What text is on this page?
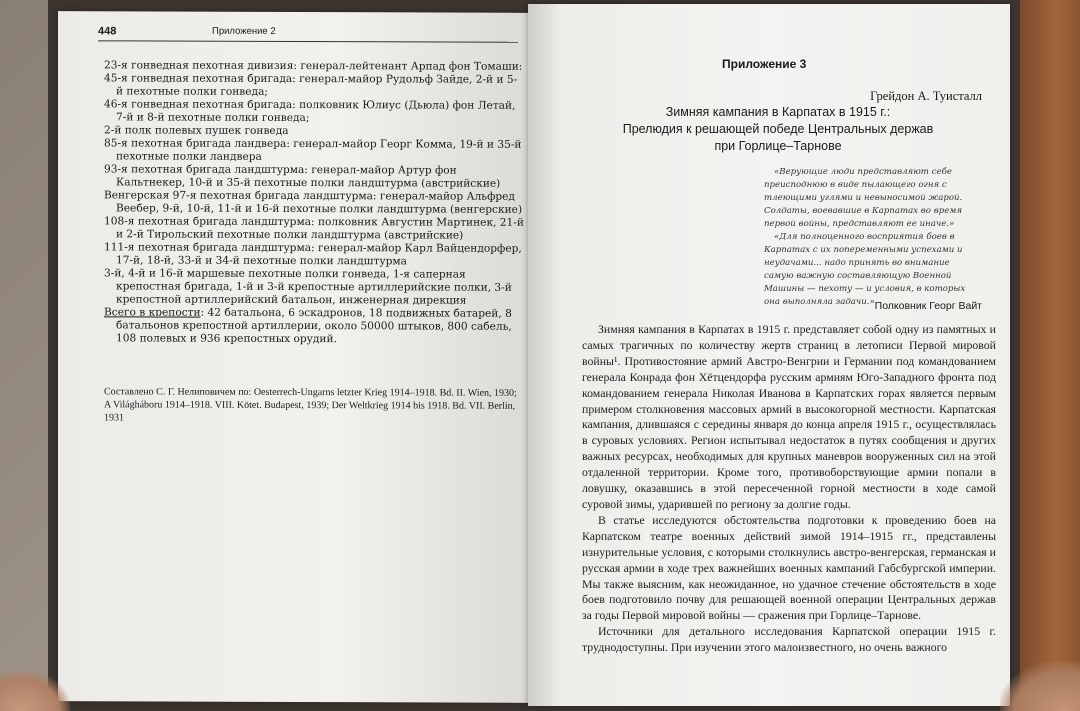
448	Приложение 2

23-я гонведная пехотная дивизия: генерал-лейтенант Арпад фон Томаши:

45-я гонведная пехотная бригада: генерал-майор Рудольф Зайде, 2-й и 5-й пехотные полки гонведа;

46-я гонведная пехотная бригада: полковник Юлиус (Дьюла) фон Летай, 7-й и 8-й пехотные полки гонведа;

2-й полк полевых пушек гонведа

85-я пехотная бригада ландвера: генерал-майор Георг Комма, 19-й и 35-й пехотные полки ландвера

93-я пехотная бригада ландштурма: генерал-майор Артур фон Кальтнекер, 10-й и 35-й пехотные полки ландштурма (австрийские)

Венгерская 97-я пехотная бригада ландштурма: генерал-майор Альфред Веебер, 9-й, 10-й, 11-й и 16-й пехотные полки ландштурма (венгерские)

108-я пехотная бригада ландштурма: полковник Августин Мартинек, 21-й и 2-й Тирольский пехотные полки ландштурма (австрийские)

111-я пехотная бригада ландштурма: генерал-майор Карл Вайцендорфер, 17-й, 18-й, 33-й и 34-й пехотные полки ландштурма

3-й, 4-й и 16-й маршевые пехотные полки гонведа, 1-я саперная крепостная бригада, 1-й и 3-й крепостные артиллерийские полки, 3-й крепостной артиллерийский батальон, инженерная дирекция

Всего в крепости: 42 батальона, 6 эскадронов, 18 подвижных батарей, 8 батальонов крепостной артиллерии, около 50000 штыков, 800 сабель, 108 полевых и 936 крепостных орудий.

Составлено С. Г. Нелиповичем по: Oesterrech-Ungarns letzter Krieg 1914–1918. Bd. II. Wien, 1930; A Világháboru 1914–1918. VIII. Kötet. Budapest, 1939; Der Weltkrieg 1914 bis 1918. Bd. VII. Berlin, 1931
Приложение 3
Грейдон А. Туисталл
Зимняя кампания в Карпатах в 1915 г.:
Прелюдия к решающей победе Центральных держав
при Горлице–Тарнове

«Верующие люди представляют себе преисподнюю в виде пылающего огня с тлеющими углями и невыносимой жарой. Солдаты, воевавшие в Карпатах во время первой войны, представляют ее иначе.»

«Для полноценного восприятия боев в Карпатах с их попеременными успехами и неудачами... надо принять во внимание самую важную составляющую Военной Машины — пехоту — и условия, в которых она выполняла задачи.» Полковник Георг Вайт

Зимняя кампания в Карпатах в 1915 г. представляет собой одну из памятных и самых трагичных по количеству жертв страниц в летописи Первой мировой войны¹. Противостояние армий Австро-Венгрии и Германии под командованием генерала Конрада фон Хётцендорфа русским армиям Юго-Западного фронта под командованием генерала Николая Иванова в Карпатских горах является первым примером столкновения массовых армий в высокогорной местности. Карпатская кампания, длившаяся с середины января до конца апреля 1915 г., осуществлялась в суровых условиях. Регион испытывал недостаток в путях сообщения и других важных ресурсах, необходимых для крупных маневров вооруженных сил на этой отдаленной территории. Кроме того, противоборствующие армии попали в ловушку, оказавшись в этой пересеченной горной местности в ходе самой суровой зимы, ударившей по региону за долгие годы.

В статье исследуются обстоятельства подготовки к проведению боев на Карпатском театре военных действий зимой 1914–1915 гг., представлены изнурительные условия, с которыми столкнулись австро-венгерская, германская и русская армии в ходе трех важнейших военных кампаний Габсбургской империи. Мы также выясним, как неожиданное, но удачное стечение обстоятельств в ходе боев подготовило почву для решающей военной операции Центральных держав за годы Первой мировой войны — сражения при Горлице–Тарнове.

Источники для детального исследования Карпатской операции 1915 г. труднодоступны. При изучении этого малоизвестного, но очень важного
